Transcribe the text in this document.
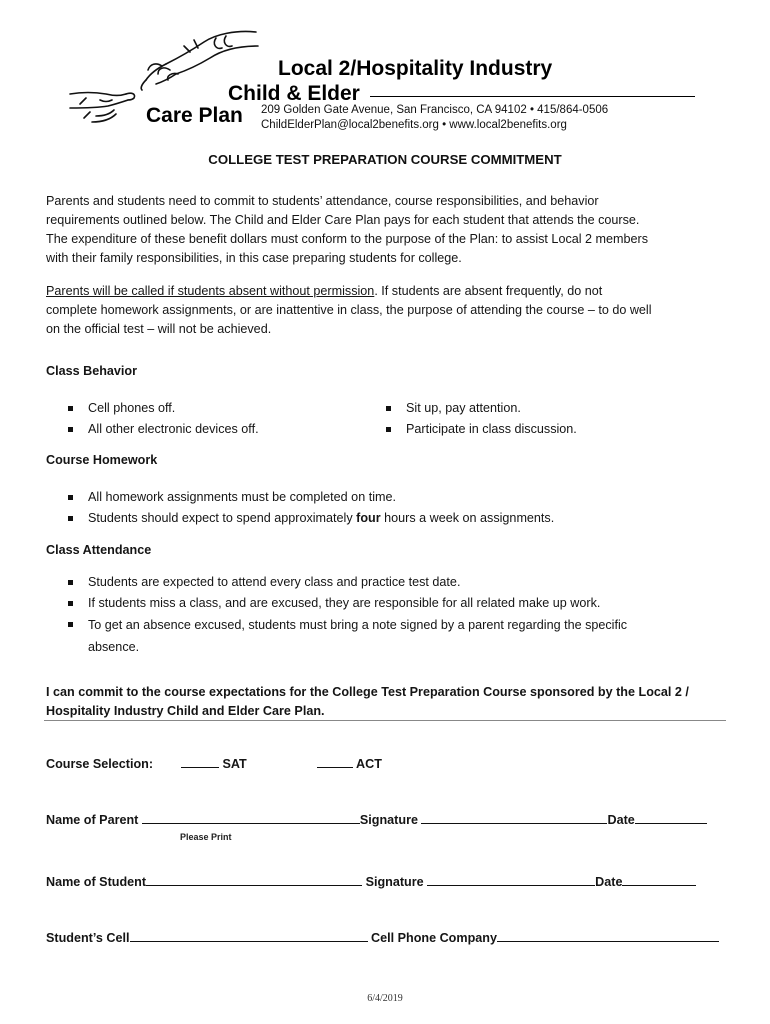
Local 2/Hospitality Industry
Child & Elder
Care Plan 209 Golden Gate Avenue, San Francisco, CA 94102 • 415/864-0506
ChildElderPlan@local2benefits.org • www.local2benefits.org
COLLEGE TEST PREPARATION COURSE COMMITMENT
Parents and students need to commit to students’ attendance, course responsibilities, and behavior
requirements outlined below. The Child and Elder Care Plan pays for each student that attends the course.
The expenditure of these benefit dollars must conform to the purpose of the Plan: to assist Local 2 members
with their family responsibilities, in this case preparing students for college.
Parents will be called if students absent without permission. If students are absent frequently, do not
complete homework assignments, or are inattentive in class, the purpose of attending the course – to do well
on the official test – will not be achieved.
Class Behavior
Cell phones off.
All other electronic devices off.
Sit up, pay attention.
Participate in class discussion.
Course Homework
All homework assignments must be completed on time.
Students should expect to spend approximately four hours a week on assignments.
Class Attendance
Students are expected to attend every class and practice test date.
If students miss a class, and are excused, they are responsible for all related make up work.
To get an absence excused, students must bring a note signed by a parent regarding the specific
absence.
I can commit to the course expectations for the College Test Preparation Course sponsored by the Local 2 /
Hospitality Industry Child and Elder Care Plan.
Course Selection:	SAT	ACT
Name of Parent	Signature	Date
Please Print
Name of Student	Signature	Date
Student’s Cell	Cell Phone Company
6/4/2019
